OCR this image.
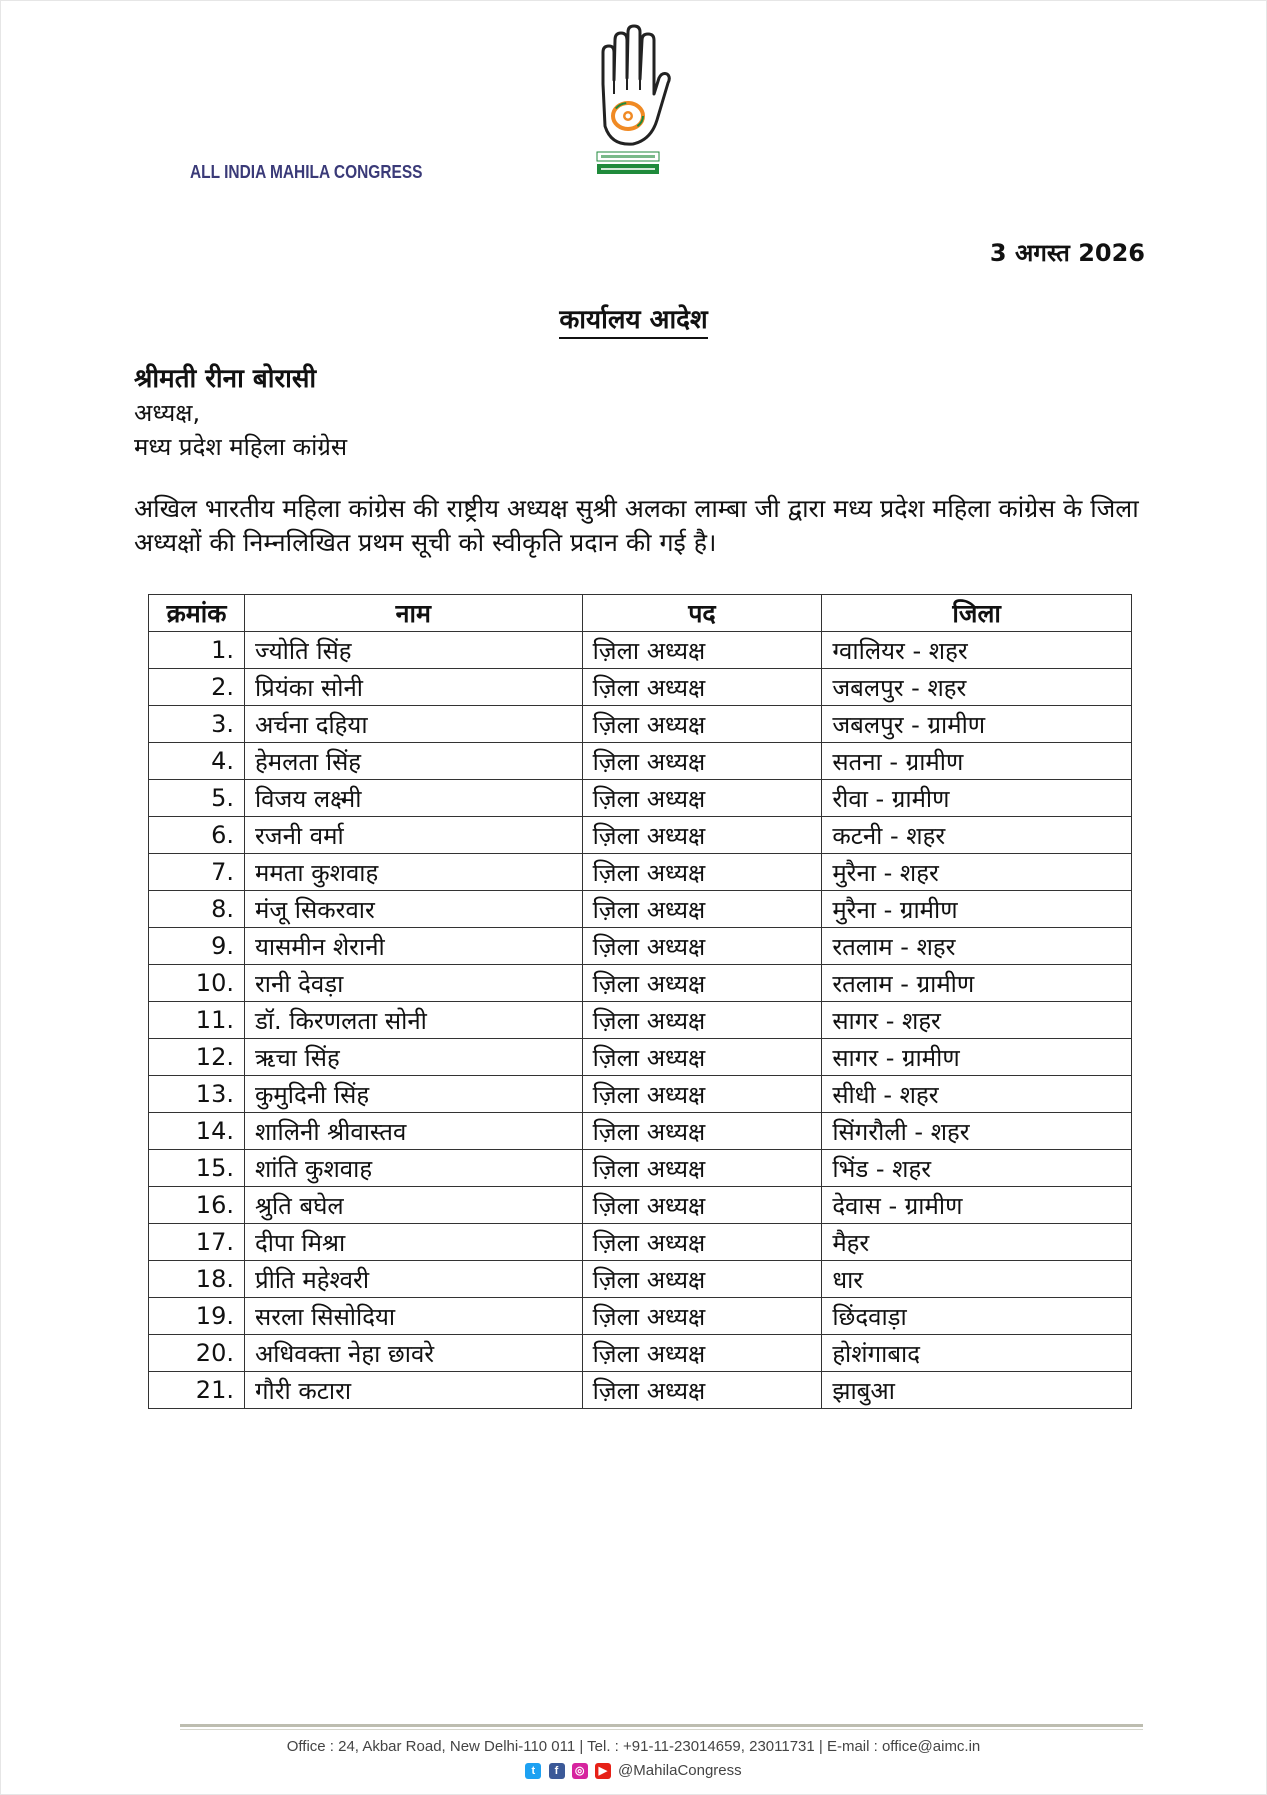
ALL INDIA MAHILA CONGRESS
3 अगस्त 2026
कार्यालय आदेश
श्रीमती रीना बोरासी
अध्यक्ष,
मध्य प्रदेश महिला कांग्रेस
अखिल भारतीय महिला कांग्रेस की राष्ट्रीय अध्यक्ष सुश्री अलका लाम्बा जी द्वारा मध्य प्रदेश महिला कांग्रेस के जिला अध्यक्षों की निम्नलिखित प्रथम सूची को स्वीकृति प्रदान की गई है।
क्रमांक	नाम	पद	जिला
1.	ज्योति सिंह	ज़िला अध्यक्ष	ग्वालियर - शहर
2.	प्रियंका सोनी	ज़िला अध्यक्ष	जबलपुर - शहर
3.	अर्चना दहिया	ज़िला अध्यक्ष	जबलपुर - ग्रामीण
4.	हेमलता सिंह	ज़िला अध्यक्ष	सतना - ग्रामीण
5.	विजय लक्ष्मी	ज़िला अध्यक्ष	रीवा - ग्रामीण
6.	रजनी वर्मा	ज़िला अध्यक्ष	कटनी - शहर
7.	ममता कुशवाह	ज़िला अध्यक्ष	मुरैना - शहर
8.	मंजू सिकरवार	ज़िला अध्यक्ष	मुरैना - ग्रामीण
9.	यासमीन शेरानी	ज़िला अध्यक्ष	रतलाम - शहर
10.	रानी देवड़ा	ज़िला अध्यक्ष	रतलाम - ग्रामीण
11.	डॉ. किरणलता सोनी	ज़िला अध्यक्ष	सागर - शहर
12.	ऋचा सिंह	ज़िला अध्यक्ष	सागर - ग्रामीण
13.	कुमुदिनी सिंह	ज़िला अध्यक्ष	सीधी - शहर
14.	शालिनी श्रीवास्तव	ज़िला अध्यक्ष	सिंगरौली - शहर
15.	शांति कुशवाह	ज़िला अध्यक्ष	भिंड - शहर
16.	श्रुति बघेल	ज़िला अध्यक्ष	देवास - ग्रामीण
17.	दीपा मिश्रा	ज़िला अध्यक्ष	मैहर
18.	प्रीति महेश्वरी	ज़िला अध्यक्ष	धार
19.	सरला सिसोदिया	ज़िला अध्यक्ष	छिंदवाड़ा
20.	अधिवक्ता नेहा छावरे	ज़िला अध्यक्ष	होशंगाबाद
21.	गौरी कटारा	ज़िला अध्यक्ष	झाबुआ
Office : 24, Akbar Road, New Delhi-110 011 | Tel. : +91-11-23014659, 23011731 | E-mail : office@aimc.in
t f ◎ ▶ @MahilaCongress
